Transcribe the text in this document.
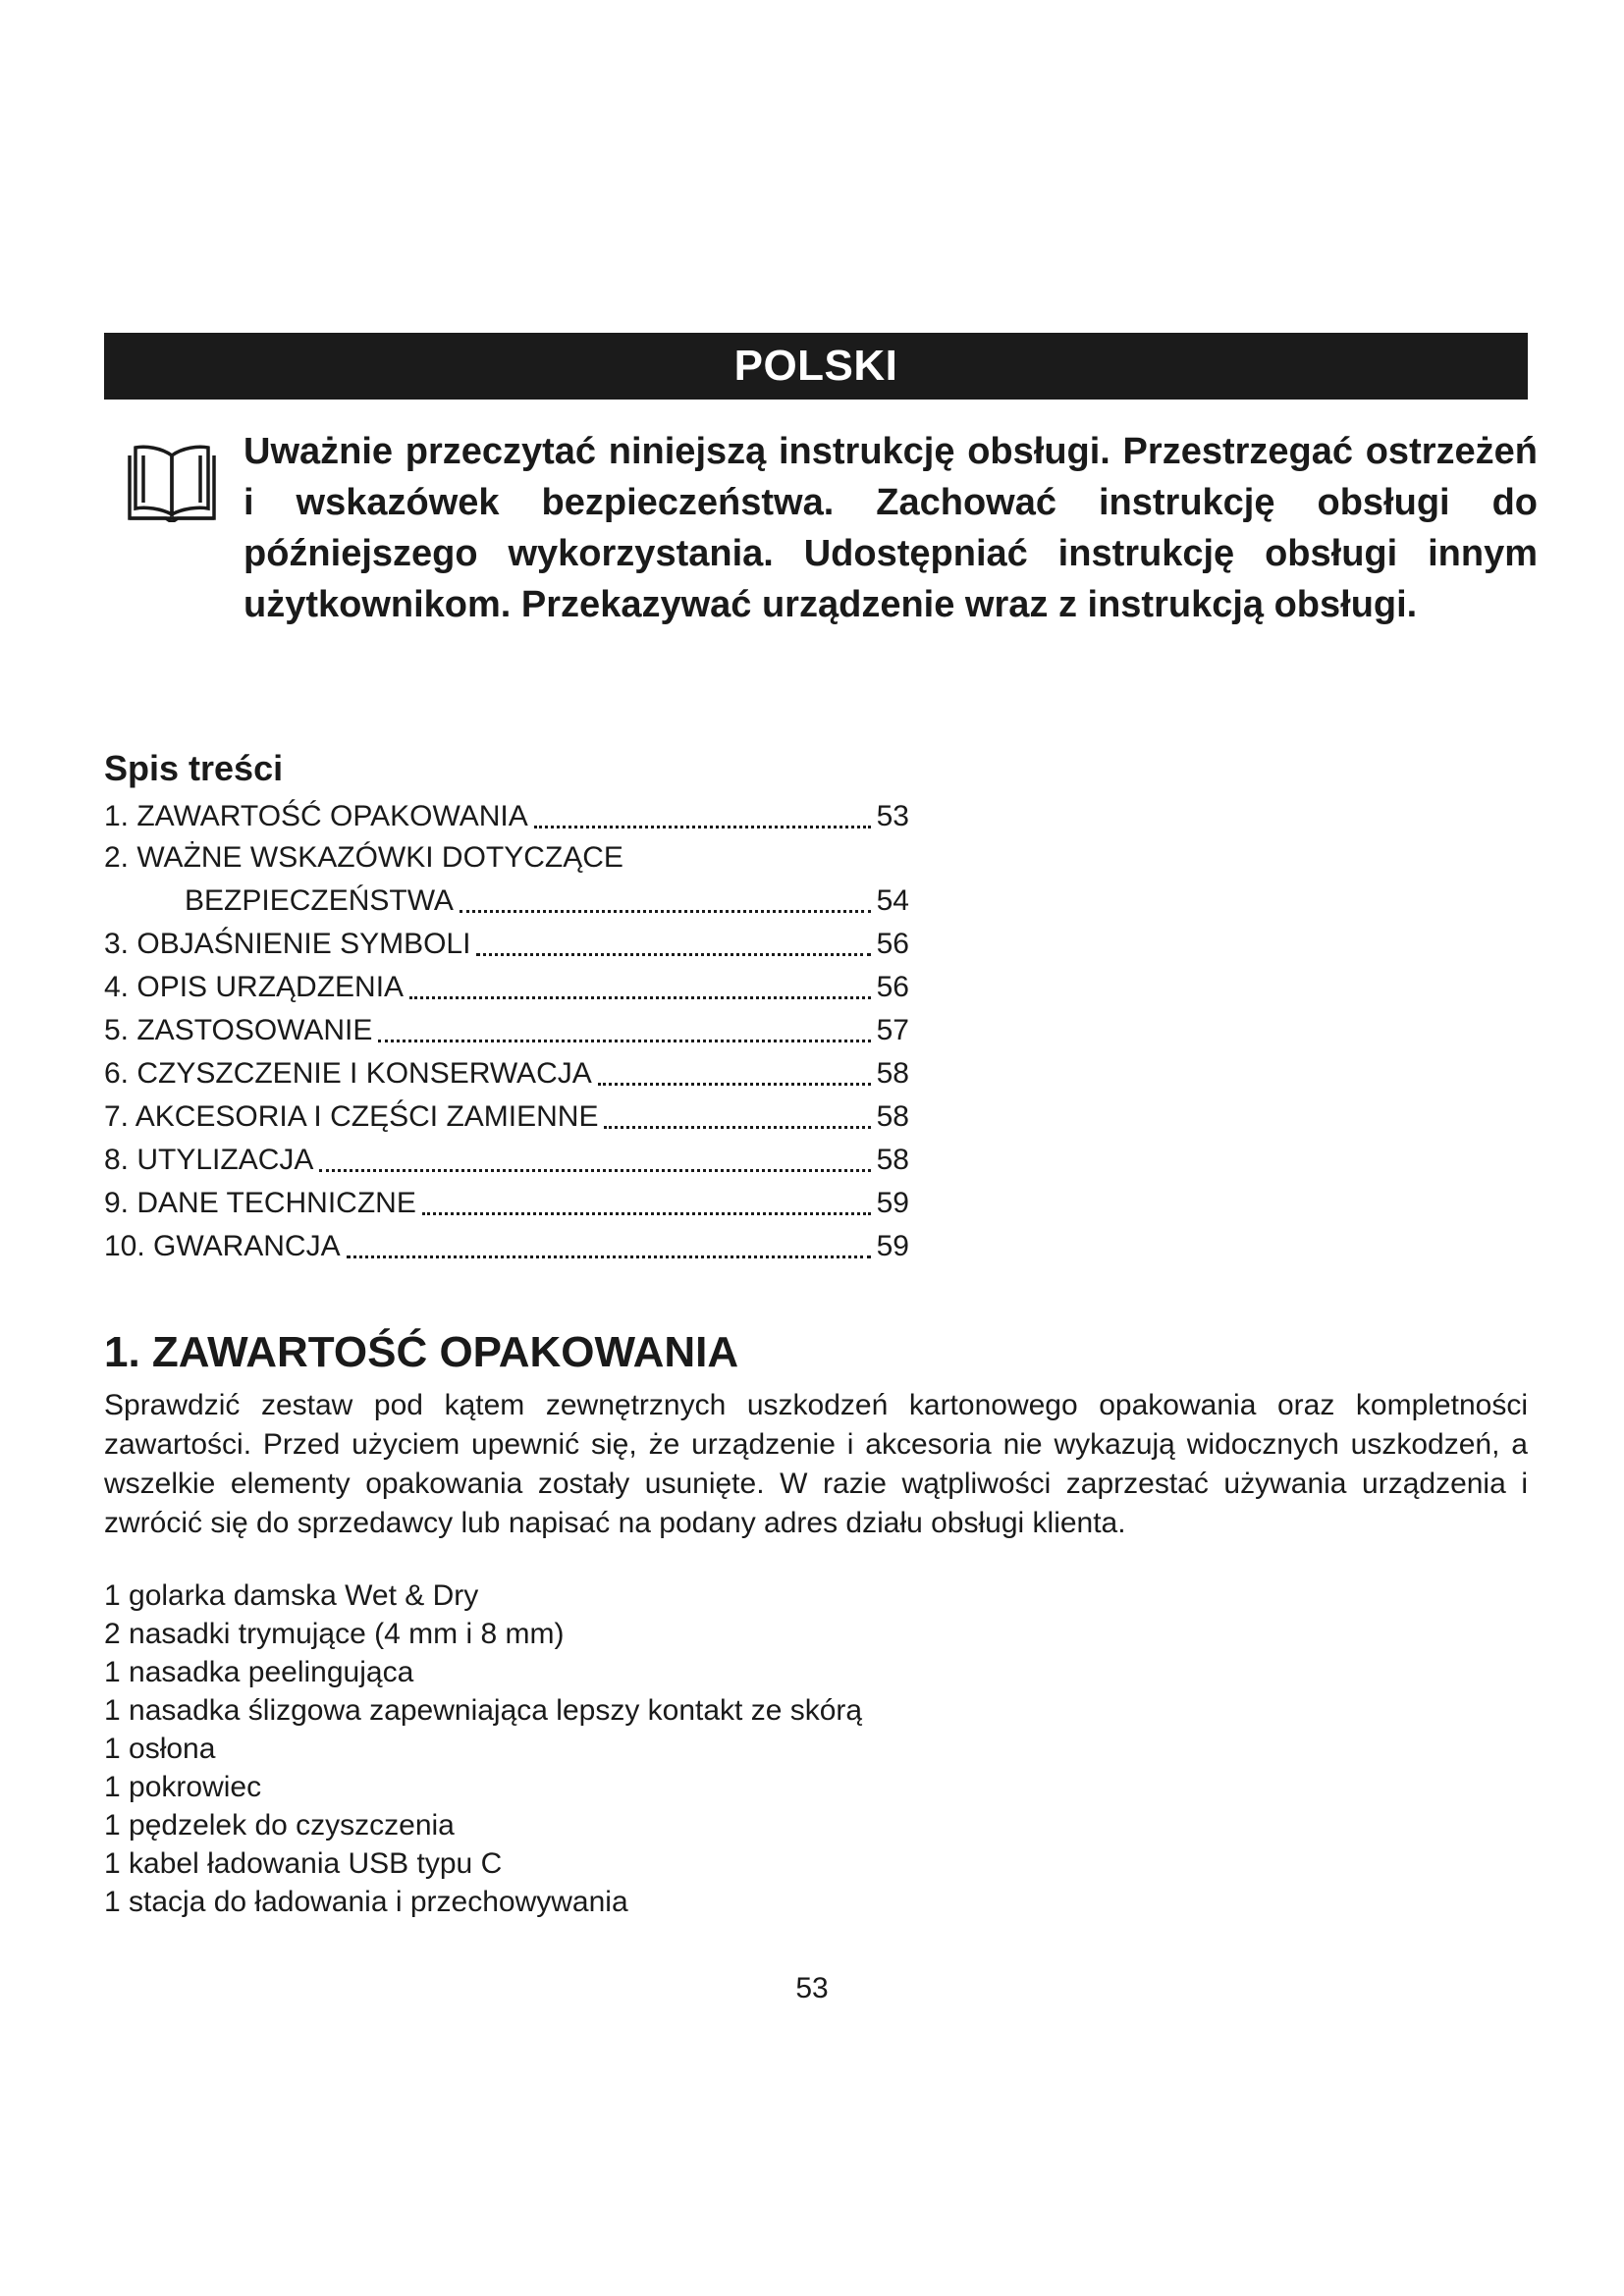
POLSKI
Uważnie przeczytać niniejszą instrukcję obsługi. Przestrzegać ostrzeżeń i wskazówek bezpieczeństwa. Zachować instrukcję obsługi do późniejszego wykorzystania. Udostępniać instrukcję obsługi innym użytkownikom. Przekazywać urządzenie wraz z instrukcją obsługi.
Spis treści
1. ZAWARTOŚĆ OPAKOWANIA	53
2. WAŻNE WSKAZÓWKI DOTYCZĄCE
BEZPIECZEŃSTWA	54
3. OBJAŚNIENIE SYMBOLI	56
4. OPIS URZĄDZENIA	56
5. ZASTOSOWANIE	57
6. CZYSZCZENIE I KONSERWACJA	58
7. AKCESORIA I CZĘŚCI ZAMIENNE	58
8. UTYLIZACJA	58
9. DANE TECHNICZNE	59
10. GWARANCJA	59
1. ZAWARTOŚĆ OPAKOWANIA

Sprawdzić zestaw pod kątem zewnętrznych uszkodzeń kartonowego opakowania oraz kompletności zawartości. Przed użyciem upewnić się, że urządzenie i akcesoria nie wykazują widocznych uszkodzeń, a wszelkie elementy opakowania zostały usunięte. W razie wątpliwości zaprzestać używania urządzenia i zwrócić się do sprzedawcy lub napisać na podany adres działu obsługi klienta.

1 golarka damska Wet & Dry
2 nasadki trymujące (4 mm i 8 mm)
1 nasadka peelingująca
1 nasadka ślizgowa zapewniająca lepszy kontakt ze skórą
1 osłona
1 pokrowiec
1 pędzelek do czyszczenia
1 kabel ładowania USB typu C
1 stacja do ładowania i przechowywania
53
